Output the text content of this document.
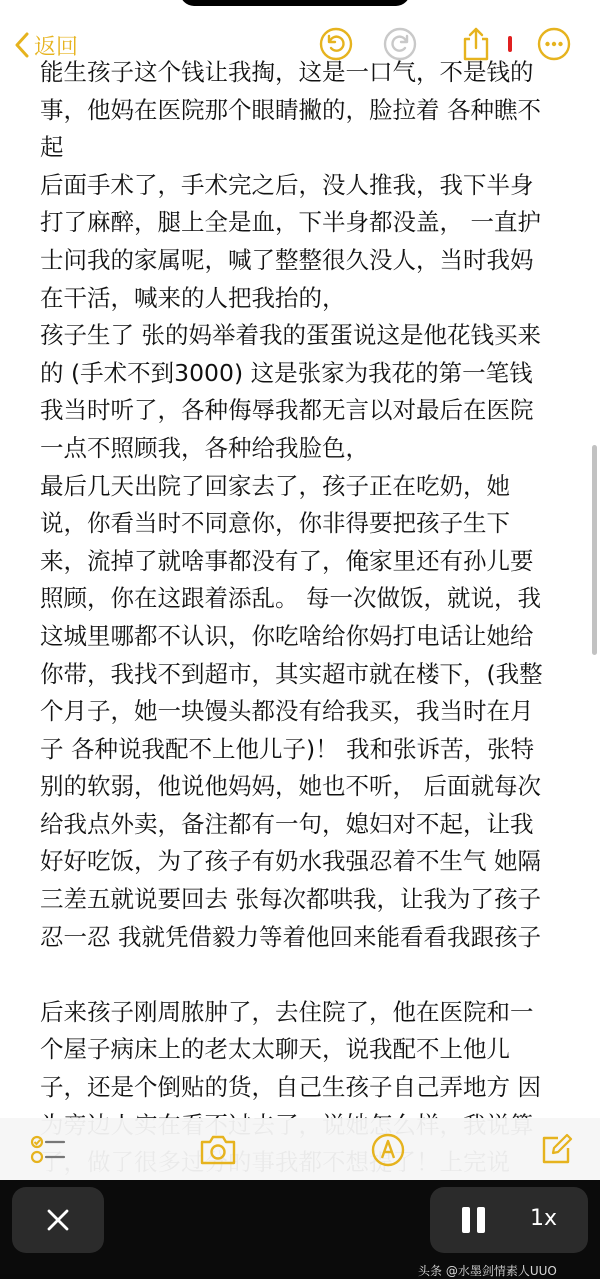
返回

能生孩子这个钱让我掏，这是一口气，不是钱的

事，他妈在医院那个眼睛撇的，脸拉着 各种瞧不

起

后面手术了，手术完之后，没人推我，我下半身

打了麻醉，腿上全是血，下半身都没盖， 一直护

士问我的家属呢，喊了整整很久没人，当时我妈

在干活，喊来的人把我抬的，

孩子生了 张的妈举着我的蛋蛋说这是他花钱买来

的 (手术不到3000) 这是张家为我花的第一笔钱

我当时听了，各种侮辱我都无言以对最后在医院

一点不照顾我，各种给我脸色，

最后几天出院了回家去了，孩子正在吃奶，她

说，你看当时不同意你，你非得要把孩子生下

来，流掉了就啥事都没有了，俺家里还有孙儿要

照顾，你在这跟着添乱。 每一次做饭，就说，我

这城里哪都不认识，你吃啥给你妈打电话让她给

你带，我找不到超市，其实超市就在楼下，(我整

个月子，她一块馒头都没有给我买，我当时在月

子 各种说我配不上他儿子)！ 我和张诉苦，张特

别的软弱，他说他妈妈，她也不听， 后面就每次

给我点外卖，备注都有一句，媳妇对不起，让我

好好吃饭，为了孩子有奶水我强忍着不生气 她隔

三差五就说要回去 张每次都哄我，让我为了孩子

忍一忍 我就凭借毅力等着他回来能看看我跟孩子

后来孩子刚周脓肿了，去住院了，他在医院和一

个屋子病床上的老太太聊天，说我配不上他儿

子，还是个倒贴的货，自己生孩子自己弄地方 因

1x
头条 @水墨剑情素人UUO
